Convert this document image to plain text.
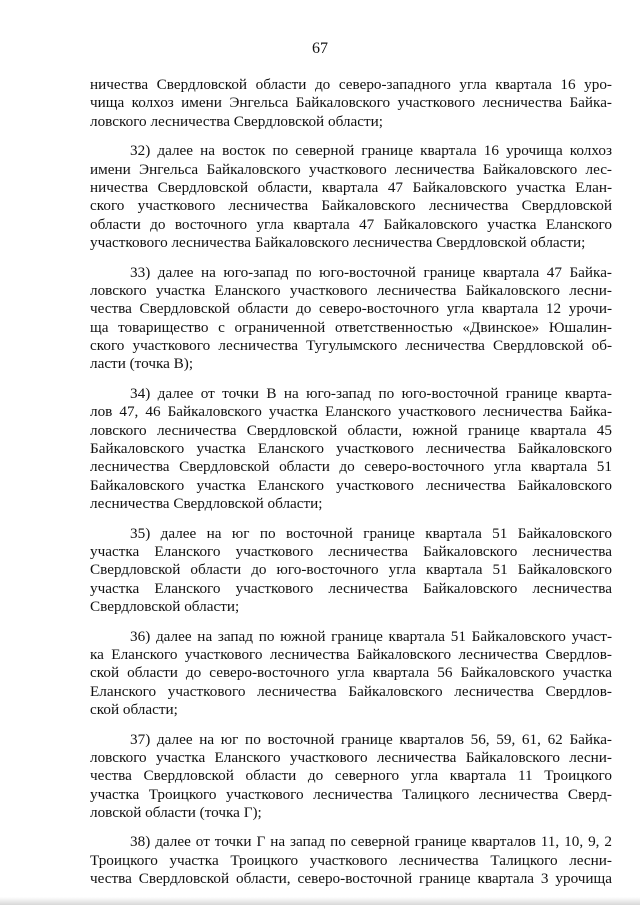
67
ничества Свердловской области до северо-западного угла квартала 16 уро-
чища колхоз имени Энгельса Байкаловского участкового лесничества Байка-
ловского лесничества Свердловской области;
32) далее на восток по северной границе квартала 16 урочища колхоз
имени Энгельса Байкаловского участкового лесничества Байкаловского лес-
ничества Свердловской области, квартала 47 Байкаловского участка Елан-
ского участкового лесничества Байкаловского лесничества Свердловской
области до восточного угла квартала 47 Байкаловского участка Еланского
участкового лесничества Байкаловского лесничества Свердловской области;
33) далее на юго-запад по юго-восточной границе квартала 47 Байка-
ловского участка Еланского участкового лесничества Байкаловского лесни-
чества Свердловской области до северо-восточного угла квартала 12 урочи-
ща товарищество с ограниченной ответственностью «Двинское» Юшалин-
ского участкового лесничества Тугулымского лесничества Свердловской об-
ласти (точка В);
34) далее от точки В на юго-запад по юго-восточной границе кварта-
лов 47, 46 Байкаловского участка Еланского участкового лесничества Байка-
ловского лесничества Свердловской области, южной границе квартала 45
Байкаловского участка Еланского участкового лесничества Байкаловского
лесничества Свердловской области до северо-восточного угла квартала 51
Байкаловского участка Еланского участкового лесничества Байкаловского
лесничества Свердловской области;
35) далее на юг по восточной границе квартала 51 Байкаловского
участка Еланского участкового лесничества Байкаловского лесничества
Свердловской области до юго-восточного угла квартала 51 Байкаловского
участка Еланского участкового лесничества Байкаловского лесничества
Свердловской области;
36) далее на запад по южной границе квартала 51 Байкаловского участ-
ка Еланского участкового лесничества Байкаловского лесничества Свердлов-
ской области до северо-восточного угла квартала 56 Байкаловского участка
Еланского участкового лесничества Байкаловского лесничества Свердлов-
ской области;
37) далее на юг по восточной границе кварталов 56, 59, 61, 62 Байка-
ловского участка Еланского участкового лесничества Байкаловского лесни-
чества Свердловской области до северного угла квартала 11 Троицкого
участка Троицкого участкового лесничества Талицкого лесничества Сверд-
ловской области (точка Г);
38) далее от точки Г на запад по северной границе кварталов 11, 10, 9, 2
Троицкого участка Троицкого участкового лесничества Талицкого лесни-
чества Свердловской области, северо-восточной границе квартала 3 урочища
